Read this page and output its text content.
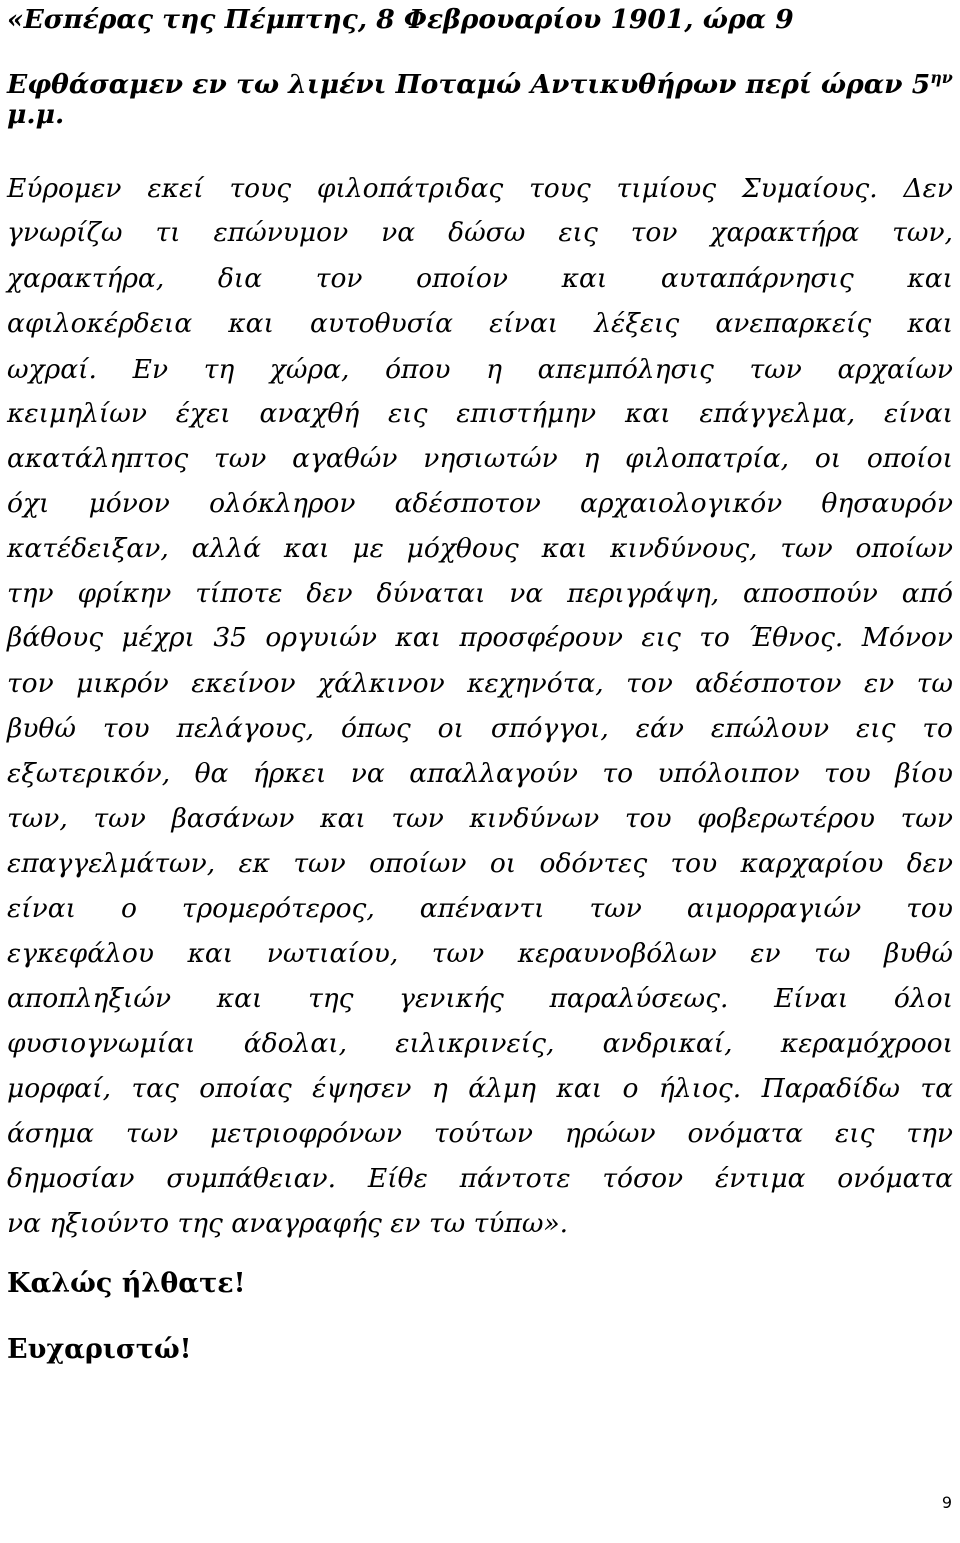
«Εσπέρας της Πέμπτης, 8 Φεβρουαρίου 1901, ώρα 9
Εφθάσαμεν εν τω λιμένι Ποταμώ Αντικυθήρων περί ώραν $5^{\eta\nu}$
μ.μ.
Εύρομεν εκεί τους φιλοπάτριδας τους τιμίους Συμαίους. Δεν
γνωρίζω τι επώνυμον να δώσω εις τον χαρακτήρα των,
χαρακτήρα, δια τον οποίον και αυταπάρνησις και
αφιλοκέρδεια και αυτοθυσία είναι λέξεις ανεπαρκείς και
ωχραί. Εν τη χώρα, όπου η απεμπόλησις των αρχαίων
κειμηλίων έχει αναχθή εις επιστήμην και επάγγελμα, είναι
ακατάληπτος των αγαθών νησιωτών η φιλοπατρία, οι οποίοι
όχι μόνον ολόκληρον αδέσποτον αρχαιολογικόν θησαυρόν
κατέδειξαν, αλλά και με μόχθους και κινδύνους, των οποίων
την φρίκην τίποτε δεν δύναται να περιγράψη, αποσπούν από
βάθους μέχρι 35 οργυιών και προσφέρουν εις το Έθνος. Μόνον
τον μικρόν εκείνον χάλκινον κεχηνότα, τον αδέσποτον εν τω
βυθώ του πελάγους, όπως οι σπόγγοι, εάν επώλουν εις το
εξωτερικόν, θα ήρκει να απαλλαγούν το υπόλοιπον του βίου
των, των βασάνων και των κινδύνων του φοβερωτέρου των
επαγγελμάτων, εκ των οποίων οι οδόντες του καρχαρίου δεν
είναι ο τρομερότερος, απέναντι των αιμορραγιών του
εγκεφάλου και νωτιαίου, των κεραυνοβόλων εν τω βυθώ
αποπληξιών και της γενικής παραλύσεως. Είναι όλοι
φυσιογνωμίαι άδολαι, ειλικρινείς, ανδρικαί, κεραμόχροοι
μορφαί, τας οποίας έψησεν η άλμη και ο ήλιος. Παραδίδω τα
άσημα των μετριοφρόνων τούτων ηρώων ονόματα εις την
δημοσίαν συμπάθειαν. Είθε πάντοτε τόσον έντιμα ονόματα
να ηξιούντο της αναγραφής εν τω τύπω».
Καλώς ήλθατε!
Ευχαριστώ!
9
